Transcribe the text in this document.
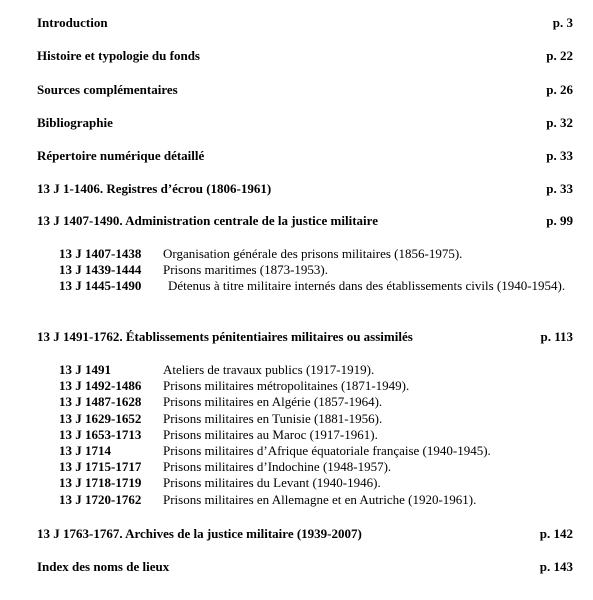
Introduction	p. 3
Histoire et typologie du fonds	p. 22
Sources complémentaires	p. 26
Bibliographie	p. 32
Répertoire numérique détaillé	p. 33
13 J 1-1406. Registres d’écrou (1806-1961)	p. 33
13 J 1407-1490. Administration centrale de la justice militaire	p. 99
13 J 1407-1438 Organisation générale des prisons militaires (1856-1975).
13 J 1439-1444 Prisons maritimes (1873-1953).
13 J 1445-1490 Détenus à titre militaire internés dans des établissements civils (1940-1954).
13 J 1491-1762. Établissements pénitentiaires militaires ou assimilés	p. 113
13 J 1491	Ateliers de travaux publics (1917-1919).
13 J 1492-1486 Prisons militaires métropolitaines (1871-1949).
13 J 1487-1628 Prisons militaires en Algérie (1857-1964).
13 J 1629-1652 Prisons militaires en Tunisie (1881-1956).
13 J 1653-1713 Prisons militaires au Maroc (1917-1961).
13 J 1714	Prisons militaires d’Afrique équatoriale française (1940-1945).
13 J 1715-1717 Prisons militaires d’Indochine (1948-1957).
13 J 1718-1719 Prisons militaires du Levant (1940-1946).
13 J 1720-1762 Prisons militaires en Allemagne et en Autriche (1920-1961).
13 J 1763-1767. Archives de la justice militaire (1939-2007)	p. 142
Index des noms de lieux	p. 143
